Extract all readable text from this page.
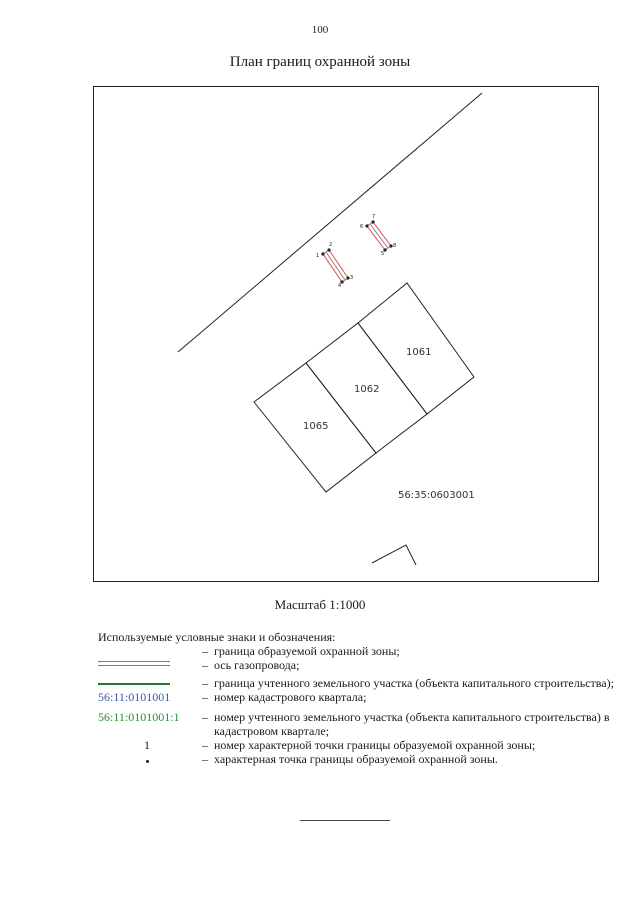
100
План границ охранной зоны
1061
1062
1065
56:35:0603001
1
2
3
4
5
6
7
8
Масштаб 1:1000
Используемые условные знаки и обозначения:
– граница образуемой охранной зоны;
– ось газопровода;
– граница учтенного земельного участка (объекта капитального строительства);
56:11:0101001	– номер кадастрового квартала;
56:11:0101001:1	– номер учтенного земельного участка (объекта капитального строительства) в кадастровом квартале;
1	– номер характерной точки границы образуемой охранной зоны;
– характерная точка границы образуемой охранной зоны.
